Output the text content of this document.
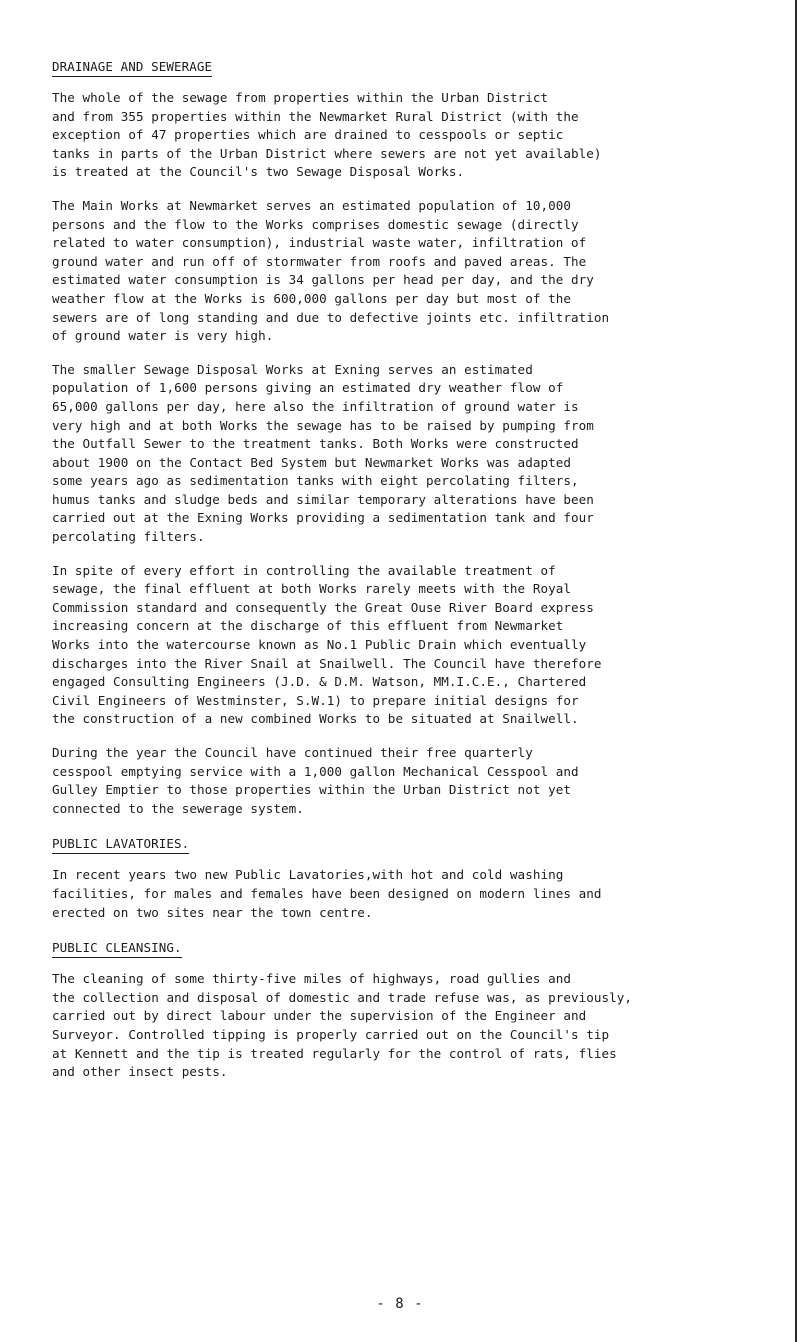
DRAINAGE AND SEWERAGE

The whole of the sewage from properties within the Urban District
and from 355 properties within the Newmarket Rural District (with the
exception of 47 properties which are drained to cesspools or septic
tanks in parts of the Urban District where sewers are not yet available)
is treated at the Council's two Sewage Disposal Works.

The Main Works at Newmarket serves an estimated population of 10,000
persons and the flow to the Works comprises domestic sewage (directly
related to water consumption), industrial waste water, infiltration of
ground water and run off of stormwater from roofs and paved areas. The
estimated water consumption is 34 gallons per head per day, and the dry
weather flow at the Works is 600,000 gallons per day but most of the
sewers are of long standing and due to defective joints etc. infiltration
of ground water is very high.

The smaller Sewage Disposal Works at Exning serves an estimated
population of 1,600 persons giving an estimated dry weather flow of
65,000 gallons per day, here also the infiltration of ground water is
very high and at both Works the sewage has to be raised by pumping from
the Outfall Sewer to the treatment tanks. Both Works were constructed
about 1900 on the Contact Bed System but Newmarket Works was adapted
some years ago as sedimentation tanks with eight percolating filters,
humus tanks and sludge beds and similar temporary alterations have been
carried out at the Exning Works providing a sedimentation tank and four
percolating filters.

In spite of every effort in controlling the available treatment of
sewage, the final effluent at both Works rarely meets with the Royal
Commission standard and consequently the Great Ouse River Board express
increasing concern at the discharge of this effluent from Newmarket
Works into the watercourse known as No.1 Public Drain which eventually
discharges into the River Snail at Snailwell. The Council have therefore
engaged Consulting Engineers (J.D. & D.M. Watson, MM.I.C.E., Chartered
Civil Engineers of Westminster, S.W.1) to prepare initial designs for
the construction of a new combined Works to be situated at Snailwell.

During the year the Council have continued their free quarterly
cesspool emptying service with a 1,000 gallon Mechanical Cesspool and
Gulley Emptier to those properties within the Urban District not yet
connected to the sewerage system.

PUBLIC LAVATORIES.

In recent years two new Public Lavatories,with hot and cold washing
facilities, for males and females have been designed on modern lines and
erected on two sites near the town centre.

PUBLIC CLEANSING.

The cleaning of some thirty-five miles of highways, road gullies and
the collection and disposal of domestic and trade refuse was, as previously,
carried out by direct labour under the supervision of the Engineer and
Surveyor. Controlled tipping is properly carried out on the Council's tip
at Kennett and the tip is treated regularly for the control of rats, flies
and other insect pests.

- 8 -
